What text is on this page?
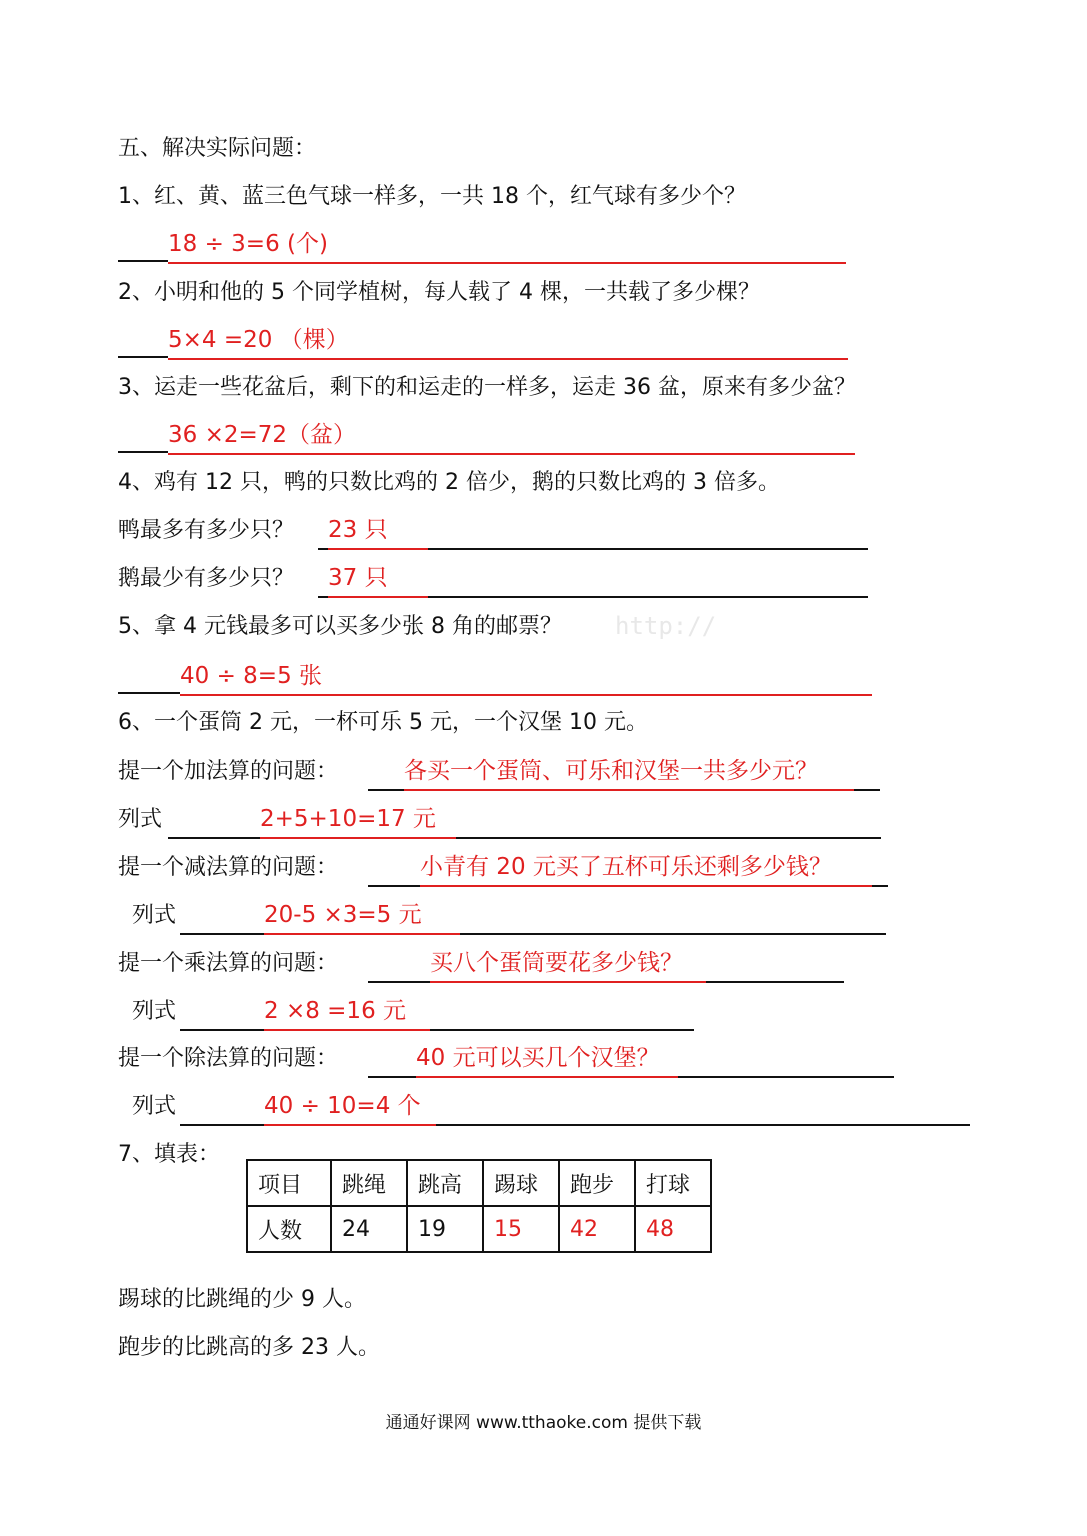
五、解决实际问题：
1、红、黄、蓝三色气球一样多，一共 18 个，红气球有多少个？
18 ÷ 3=6 (个)
2、小明和他的 5 个同学植树，每人载了 4 棵，一共载了多少棵？
5×4 =20 （棵）
3、运走一些花盆后，剩下的和运走的一样多，运走 36 盆，原来有多少盆？
36 ×2=72（盆）
4、鸡有 12 只，鸭的只数比鸡的 2 倍少，鹅的只数比鸡的 3 倍多。
鸭最多有多少只？ 23 只
鹅最少有多少只？ 37 只
5、拿 4 元钱最多可以买多少张 8 角的邮票？ http://
40 ÷ 8=5 张
6、一个蛋筒 2 元，一杯可乐 5 元，一个汉堡 10 元。
提一个加法算的问题：	各买一个蛋筒、可乐和汉堡一共多少元？
列式	2+5+10=17 元
提一个减法算的问题：	小青有 20 元买了五杯可乐还剩多少钱？
列式	20-5 ×3=5 元
提一个乘法算的问题：	买八个蛋筒要花多少钱？
列式	2 ×8 =16 元
提一个除法算的问题：	40 元可以买几个汉堡？
列式	40 ÷ 10=4 个
7、填表：
项目	跳绳	跳高	踢球	跑步	打球
人数	24	19	15	42	48
踢球的比跳绳的少 9 人。
跑步的比跳高的多 23 人。
通通好课网 www.tthaoke.com 提供下载
